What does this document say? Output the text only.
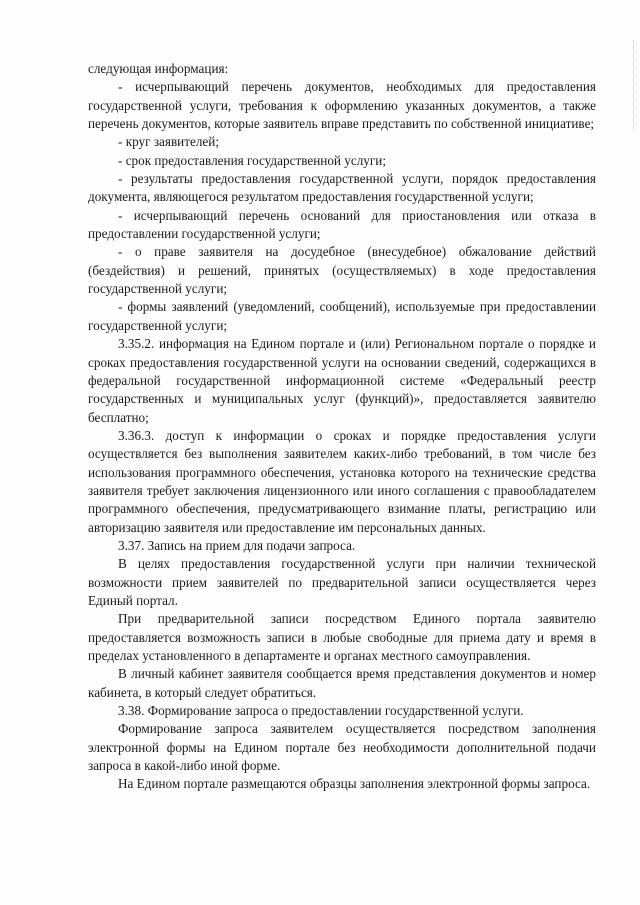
следующая информация:

- исчерпывающий перечень документов, необходимых для предоставления государственной услуги, требования к оформлению указанных документов, а также перечень документов, которые заявитель вправе представить по собственной инициативе;

- круг заявителей;

- срок предоставления государственной услуги;

- результаты предоставления государственной услуги, порядок предоставления документа, являющегося результатом предоставления государственной услуги;

- исчерпывающий перечень оснований для приостановления или отказа в предоставлении государственной услуги;

- о праве заявителя на досудебное (внесудебное) обжалование действий (бездействия) и решений, принятых (осуществляемых) в ходе предоставления государственной услуги;

- формы заявлений (уведомлений, сообщений), используемые при предоставлении государственной услуги;

3.35.2. информация на Едином портале и (или) Региональном портале о порядке и сроках предоставления государственной услуги на основании сведений, содержащихся в федеральной государственной информационной системе «Федеральный реестр государственных и муниципальных услуг (функций)», предоставляется заявителю бесплатно;

3.36.3. доступ к информации о сроках и порядке предоставления услуги осуществляется без выполнения заявителем каких-либо требований, в том числе без использования программного обеспечения, установка которого на технические средства заявителя требует заключения лицензионного или иного соглашения с правообладателем программного обеспечения, предусматривающего взимание платы, регистрацию или авторизацию заявителя или предоставление им персональных данных.

3.37. Запись на прием для подачи запроса.

В целях предоставления государственной услуги при наличии технической возможности прием заявителей по предварительной записи осуществляется через Единый портал.

При предварительной записи посредством Единого портала заявителю предоставляется возможность записи в любые свободные для приема дату и время в пределах установленного в департаменте и органах местного самоуправления.

В личный кабинет заявителя сообщается время представления документов и номер кабинета, в который следует обратиться.

3.38. Формирование запроса о предоставлении государственной услуги.

Формирование запроса заявителем осуществляется посредством заполнения электронной формы на Едином портале без необходимости дополнительной подачи запроса в какой-либо иной форме.

На Едином портале размещаются образцы заполнения электронной формы запроса.
